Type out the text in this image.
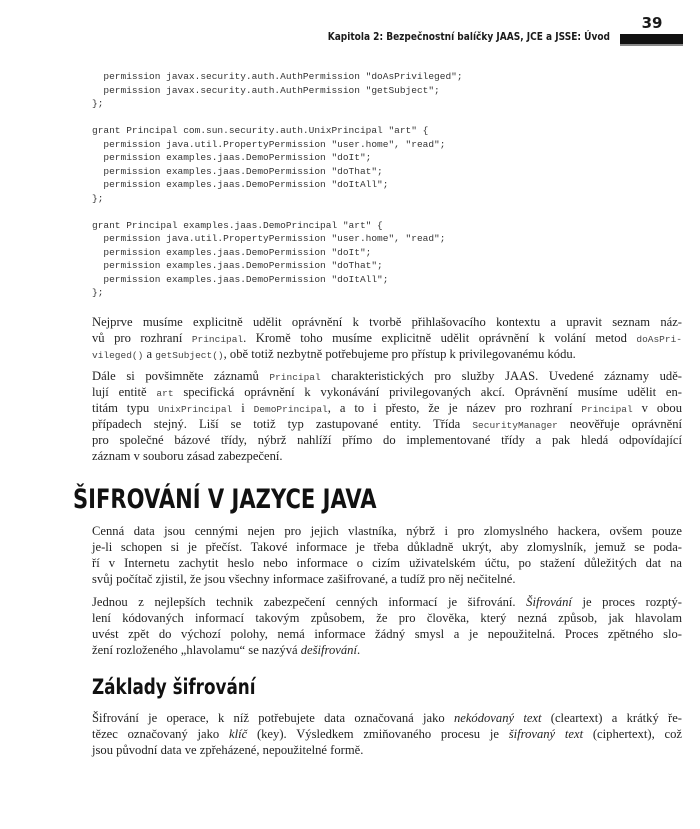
Kapitola 2: Bezpečnostní balíčky JAAS, JCE a JSSE: Úvod
39
permission javax.security.auth.AuthPermission "doAsPrivileged";
permission javax.security.auth.AuthPermission "getSubject";
};
grant Principal com.sun.security.auth.UnixPrincipal "art" {
permission java.util.PropertyPermission "user.home", "read";
permission examples.jaas.DemoPermission "doIt";
permission examples.jaas.DemoPermission "doThat";
permission examples.jaas.DemoPermission "doItAll";
};
grant Principal examples.jaas.DemoPrincipal "art" {
permission java.util.PropertyPermission "user.home", "read";
permission examples.jaas.DemoPermission "doIt";
permission examples.jaas.DemoPermission "doThat";
permission examples.jaas.DemoPermission "doItAll";
};
Nejprve musíme explicitně udělit oprávnění k tvorbě přihlašovacího kontextu a upravit seznam náz-
vů pro rozhraní Principal. Kromě toho musíme explicitně udělit oprávnění k volání metod doAsPri-
vileged() a getSubject(), obě totiž nezbytně potřebujeme pro přístup k privilegovanému kódu.
Dále si povšimněte záznamů Principal charakteristických pro služby JAAS. Uvedené záznamy udě-
lují entitě art specifická oprávnění k vykonávání privilegovaných akcí. Oprávnění musíme udělit en-
titám typu UnixPrincipal i DemoPrincipal, a to i přesto, že je název pro rozhraní Principal v obou
případech stejný. Liší se totiž typ zastupované entity. Třída SecurityManager neověřuje oprávnění
pro společné bázové třídy, nýbrž nahlíží přímo do implementované třídy a pak hledá odpovídající
záznam v souboru zásad zabezpečení.
ŠIFROVÁNÍ V JAZYCE JAVA
Cenná data jsou cennými nejen pro jejich vlastníka, nýbrž i pro zlomyslného hackera, ovšem pouze
je-li schopen si je přečíst. Takové informace je třeba důkladně ukrýt, aby zlomyslník, jemuž se poda-
ří v Internetu zachytit heslo nebo informace o cizím uživatelském účtu, po stažení důležitých dat na
svůj počítač zjistil, že jsou všechny informace zašifrované, a tudíž pro něj nečitelné.
Jednou z nejlepších technik zabezpečení cenných informací je šifrování. Šifrování je proces rozptý-
lení kódovaných informací takovým způsobem, že pro člověka, který nezná způsob, jak hlavolam
uvést zpět do výchozí polohy, nemá informace žádný smysl a je nepoužitelná. Proces zpětného slo-
žení rozloženého „hlavolamu“ se nazývá dešifrování.
Základy šifrování
Šifrování je operace, k níž potřebujete data označovaná jako nekódovaný text (cleartext) a krátký ře-
tězec označovaný jako klíč (key). Výsledkem zmiňovaného procesu je šifrovaný text (ciphertext), což
jsou původní data ve zpřeházené, nepoužitelné formě.
